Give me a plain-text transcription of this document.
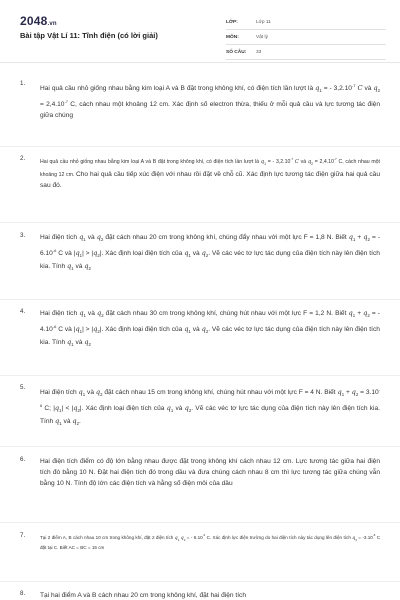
2048.vn
Bài tập Vật Lí 11: Tĩnh điện (có lời giải)
LỚP:	Lớp 11
MÔN:	Vật lý
SỐ CÂU:	33
1.
Hai quả cầu nhỏ giống nhau bằng kim loại A và B đặt trong không khí, có điện tích lần lượt là $q_1$ = - $3,2.10^{-7}$ C và $q_2 = 2,4.10^{-7}$ C, cách nhau một khoảng 12 cm. Xác định số electron thừa, thiếu ở mỗi quả cầu và lực tương tác điện giữa chúng
2.	Hai quả cầu nhỏ giống nhau bằng kim loại A và B đặt trong không khí, có điện tích lần lượt là $q_1$ = - $3,2.10^{-7}$ C và $q_2 = 2,4.10^{-7}$ C, cách nhau một khoảng 12 cm. Cho hai quả cầu tiếp xúc điện với nhau rồi đặt về chỗ cũ. Xác định lực tương tác điện giữa hai quả cầu sau đó.
3. Hai điện tích $q_1$ và $q_2$ đặt cách nhau 20 cm trong không khí, chúng đẩy nhau với một lực F = 1,8 N. Biết $q_1 + q_2$ = - $6.10^{-6}$ C và $|q_1| > |q_2|$. Xác định loại điện tích của $q_1$ và $q_2$. Vẽ các véc tơ lực tác dụng của điện tích này lên điện tích kia. Tính $q_1$ và $q_2$
4. Hai điện tích $q_1$ và $q_2$ đặt cách nhau 30 cm trong không khí, chúng hút nhau với một lực F = 1,2 N. Biết $q_1 + q_2$ = - $4.10^{-6}$ C và $|q_1| > |q_2|$. Xác định loại điện tích của $q_1$ và $q_2$. Vẽ các véc tơ lực tác dụng của điện tích này lên điện tích kia. Tính $q_1$ và $q_2$
5.
Hai điện tích $q_1$ và $q_2$ đặt cách nhau 15 cm trong không khí, chúng hút nhau với một lực F = 4 N. Biết $q_1 + q_2 = 3.10^{-6}$ C; $|q_1| < |q_2|$. Xác định loại điện tích của $q_1$ và $q_2$. Vẽ các véc tơ lực tác dụng của điện tích này lên điện tích kia. Tính $q_1$ và $q_2$.
6. Hai điện tích điểm có độ lớn bằng nhau được đặt trong không khí cách nhau 12 cm. Lực tương tác giữa hai điện tích đó bằng 10 N. Đặt hai điện tích đó trong dầu và đưa chúng cách nhau 8 cm thì lực tương tác giữa chúng vẫn bằng 10 N. Tính độ lớn các điện tích và hằng số điện môi của dầu
7.	Tại 2 điểm A, B cách nhau 10 cm trong không khí, đặt 2 điện tích $q_1$ $q_2$ = - $6.10^{-6}$ C. Xác định lực điện trường do hai điện tích này tác dụng lên điện tích $q_3 = -3.10^{-8}$ C đặt tại C. Biết AC = BC = 15 cm
8. Tại hai điểm A và B cách nhau 20 cm trong không khí, đặt hai điện tích
